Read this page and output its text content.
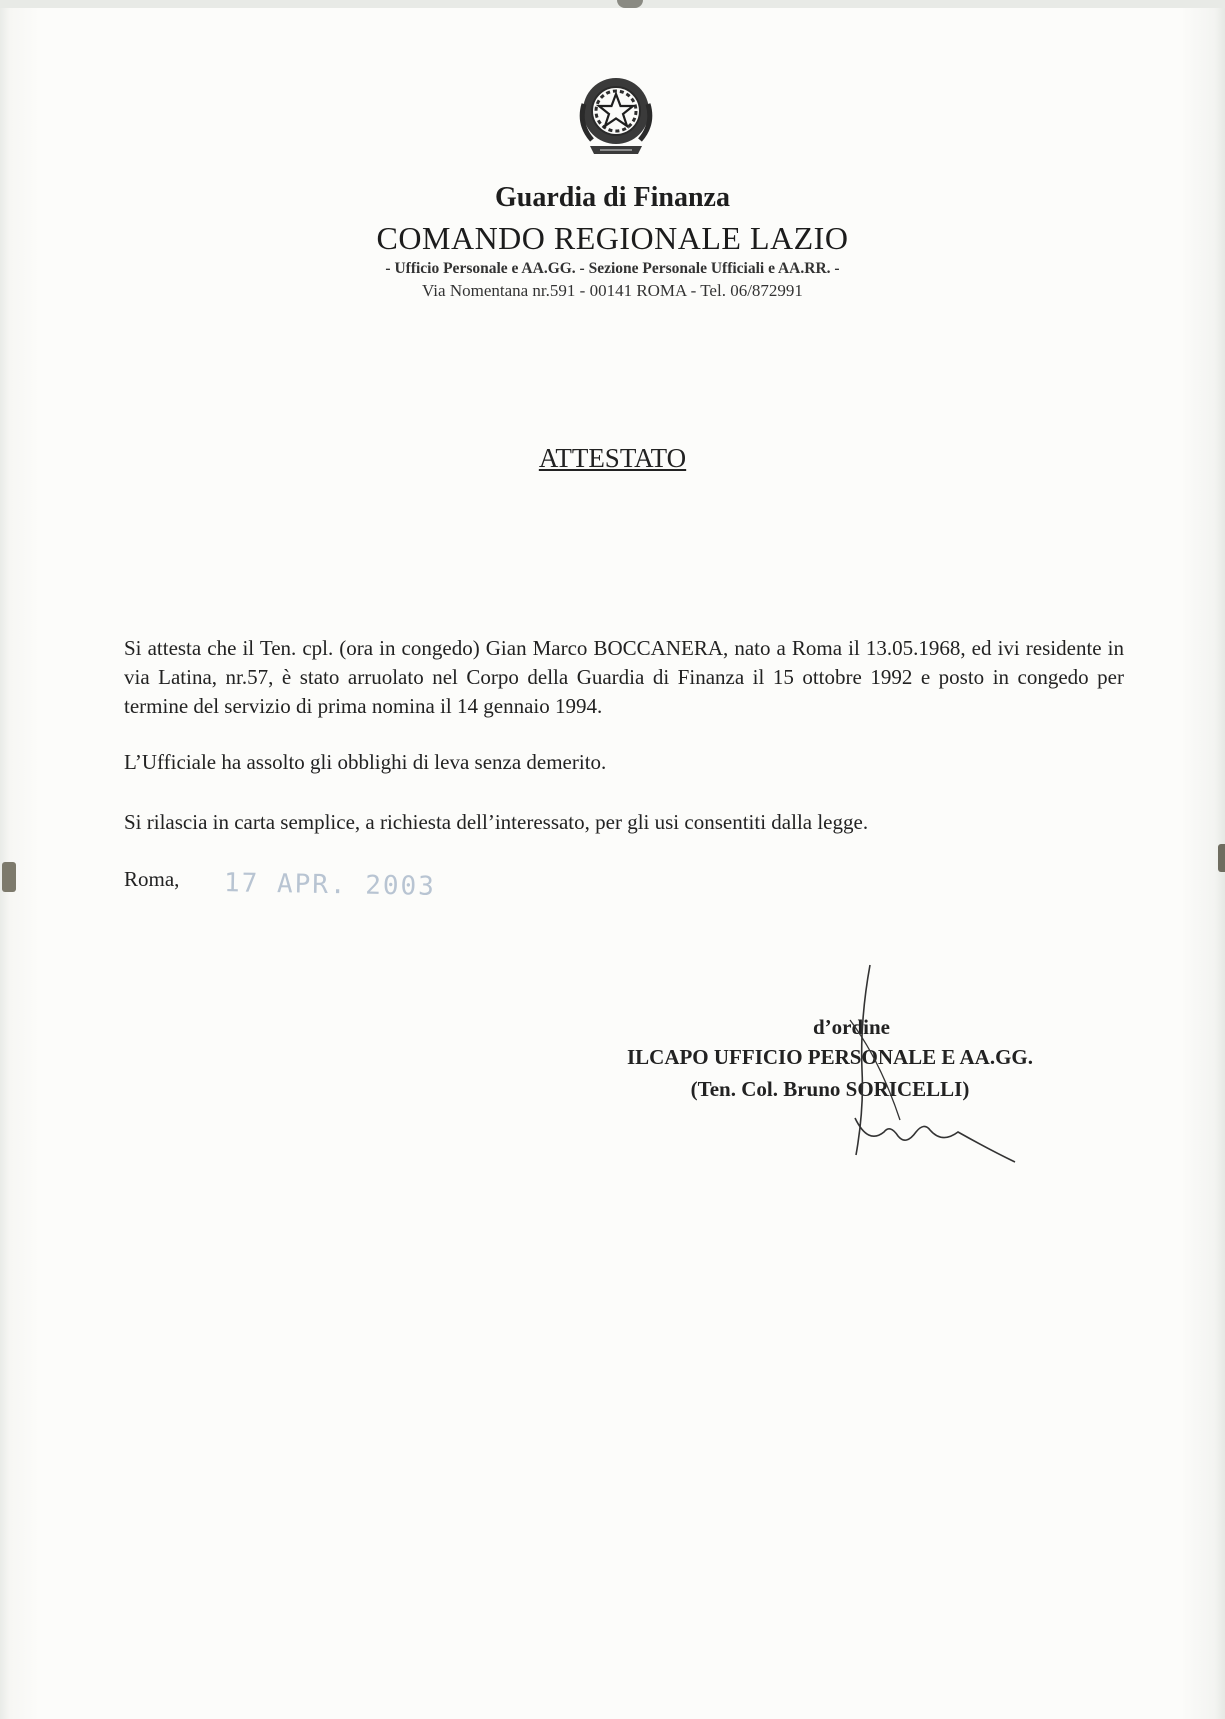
Guardia di Finanza
COMANDO REGIONALE LAZIO
- Ufficio Personale e AA.GG. - Sezione Personale Ufficiali e AA.RR. -
Via Nomentana nr.591 - 00141 ROMA - Tel. 06/872991
ATTESTATO
Si attesta che il Ten. cpl. (ora in congedo) Gian Marco BOCCANERA, nato a Roma il 13.05.1968, ed ivi residente in via Latina, nr.57, è stato arruolato nel Corpo della Guardia di Finanza il 15 ottobre 1992 e posto in congedo per termine del servizio di prima nomina il 14 gennaio 1994.
L’Ufficiale ha assolto gli obblighi di leva senza demerito.
Si rilascia in carta semplice, a richiesta dell’interessato, per gli usi consentiti dalla legge.
Roma, 17 APR. 2003
d’ordine
ILCAPO UFFICIO PERSONALE E AA.GG.
(Ten. Col. Bruno SORICELLI)
